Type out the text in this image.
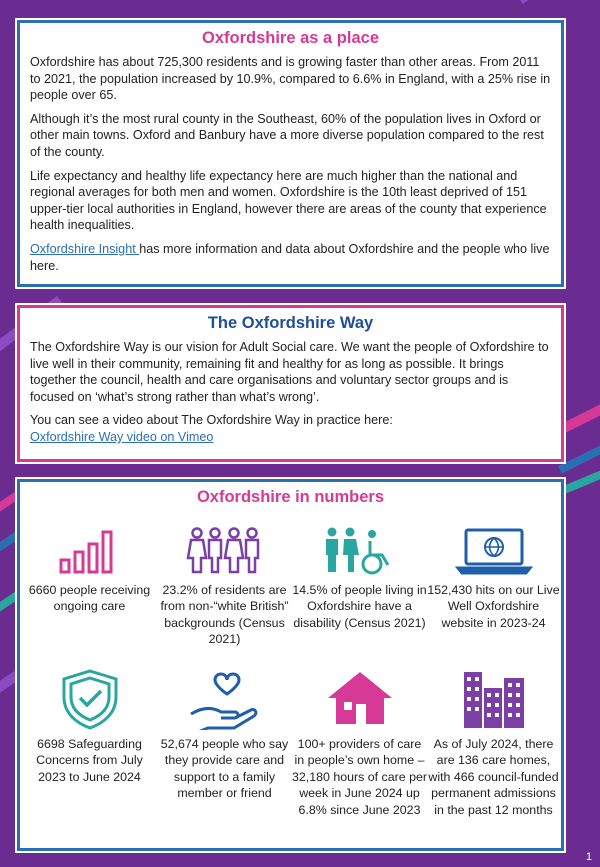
Oxfordshire as a place

Oxfordshire has about 725,300 residents and is growing faster than other areas. From 2011 to 2021, the population increased by 10.9%, compared to 6.6% in England, with a 25% rise in people over 65.

Although it’s the most rural county in the Southeast, 60% of the population lives in Oxford or other main towns. Oxford and Banbury have a more diverse population compared to the rest of the county.

Life expectancy and healthy life expectancy here are much higher than the national and regional averages for both men and women. Oxfordshire is the 10th least deprived of 151 upper-tier local authorities in England, however there are areas of the county that experience health inequalities.

Oxfordshire Insight has more information and data about Oxfordshire and the people who live here.

The Oxfordshire Way

The Oxfordshire Way is our vision for Adult Social care. We want the people of Oxfordshire to live well in their community, remaining fit and healthy for as long as possible. It brings together the council, health and care organisations and voluntary sector groups and is focused on ‘what’s strong rather than what’s wrong’.

You can see a video about The Oxfordshire Way in practice here:
Oxfordshire Way video on Vimeo

Oxfordshire in numbers
6660 people receiving ongoing care
23.2% of residents are from non-“white British” backgrounds (Census 2021)
14.5% of people living in Oxfordshire have a disability (Census 2021)
152,430 hits on our Live Well Oxfordshire website in 2023-24
6698 Safeguarding Concerns from July 2023 to June 2024
52,674 people who say they provide care and support to a family member or friend
100+ providers of care in people’s own home – 32,180 hours of care per week in June 2024 up 6.8% since June 2023
As of July 2024, there are 136 care homes, with 466 council-funded permanent admissions in the past 12 months
1
